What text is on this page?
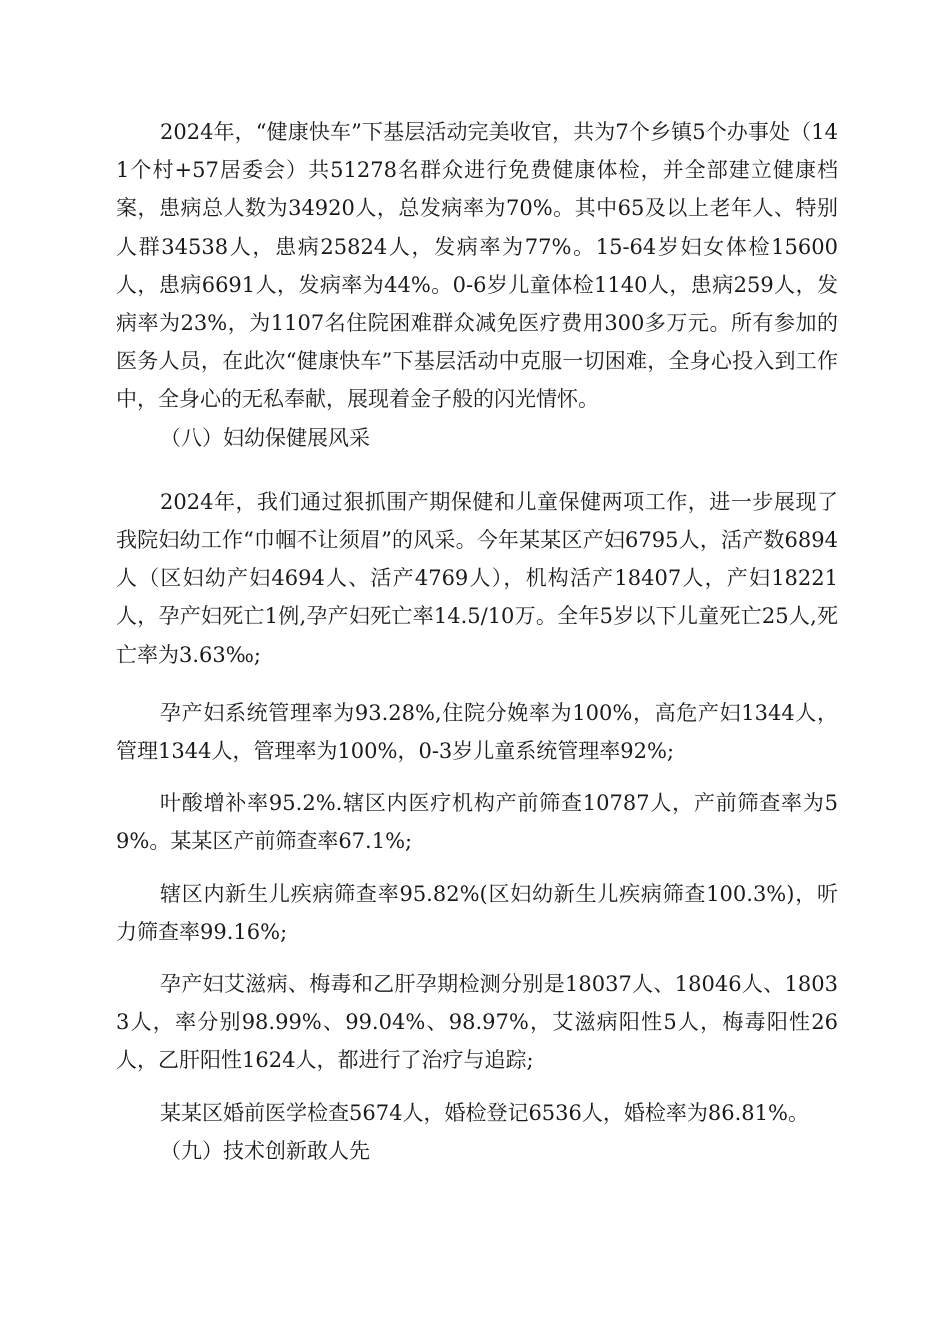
2024年，“健康快车”下基层活动完美收官，共为7个乡镇5个办事处（141个村+57居委会）共51278名群众进行免费健康体检，并全部建立健康档案，患病总人数为34920人，总发病率为70%。其中65及以上老年人、特别人群34538人，患病25824人，发病率为77%。15-64岁妇女体检15600人，患病6691人，发病率为44%。0-6岁儿童体检1140人，患病259人，发病率为23%，为1107名住院困难群众减免医疗费用300多万元。所有参加的医务人员，在此次“健康快车”下基层活动中克服一切困难，全身心投入到工作中，全身心的无私奉献，展现着金子般的闪光情怀。

（八）妇幼保健展风采

2024年，我们通过狠抓围产期保健和儿童保健两项工作，进一步展现了我院妇幼工作“巾帼不让须眉”的风采。今年某某区产妇6795人，活产数6894人（区妇幼产妇4694人、活产4769人），机构活产18407人，产妇18221人，孕产妇死亡1例,孕产妇死亡率14.5/10万。全年5岁以下儿童死亡25人,死亡率为3.63‰;

孕产妇系统管理率为93.28%,住院分娩率为100%，高危产妇1344人，管理1344人，管理率为100%，0-3岁儿童系统管理率92%;

叶酸增补率95.2%.辖区内医疗机构产前筛查10787人，产前筛查率为59%。某某区产前筛查率67.1%;

辖区内新生儿疾病筛查率95.82%(区妇幼新生儿疾病筛查100.3%)，听力筛查率99.16%;

孕产妇艾滋病、梅毒和乙肝孕期检测分别是18037人、18046人、18033人，率分别98.99%、99.04%、98.97%，艾滋病阳性5人，梅毒阳性26人，乙肝阳性1624人，都进行了治疗与追踪;

某某区婚前医学检查5674人，婚检登记6536人，婚检率为86.81%。

（九）技术创新敢人先
